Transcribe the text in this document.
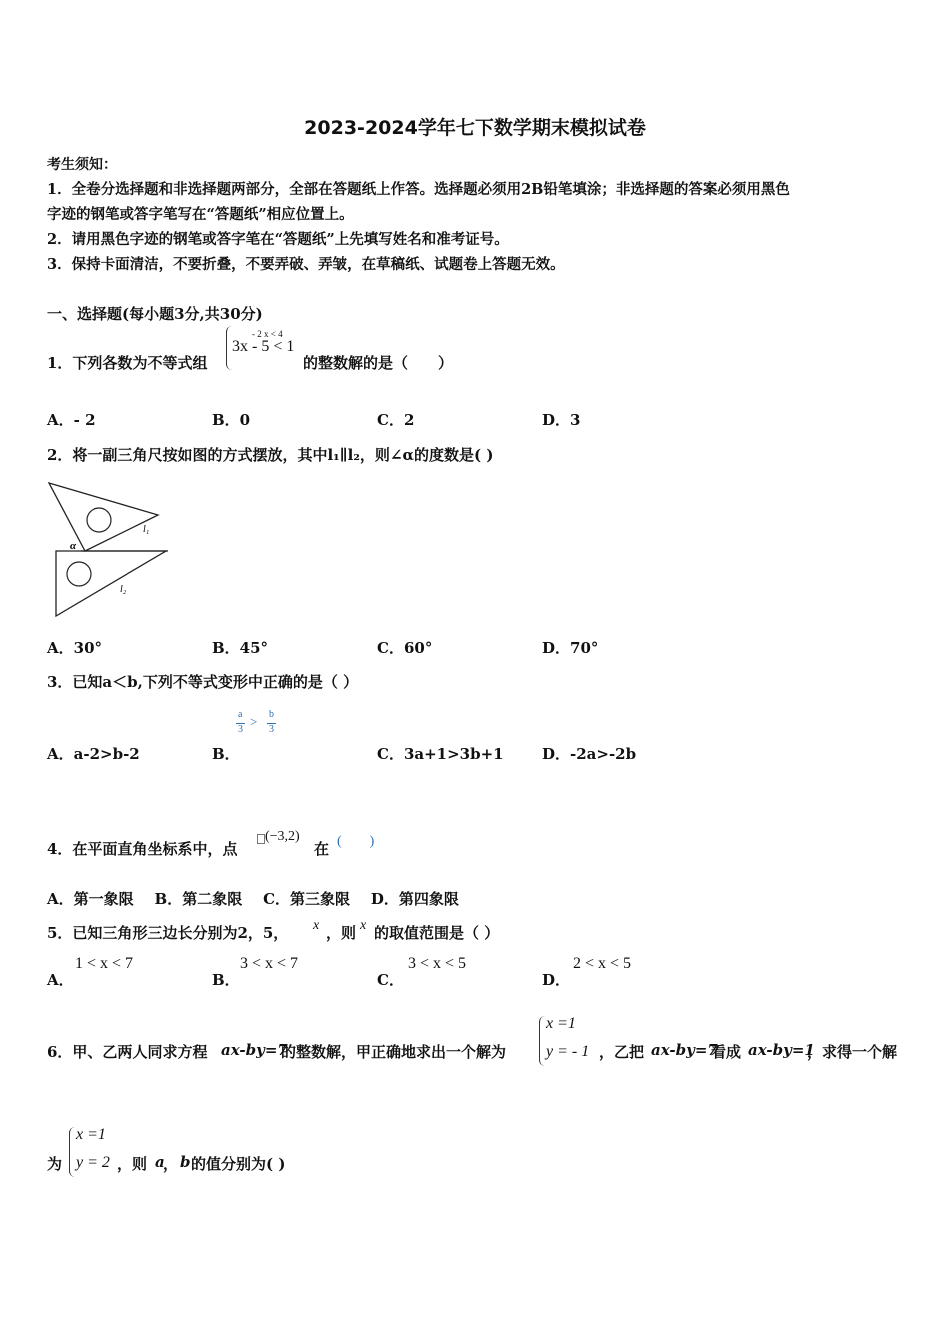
2023-2024学年七下数学期末模拟试卷
考生须知：
1．全卷分选择题和非选择题两部分，全部在答题纸上作答。选择题必须用2B铅笔填涂；非选择题的答案必须用黑色
字迹的钢笔或答字笔写在“答题纸”相应位置上。
2．请用黑色字迹的钢笔或答字笔在“答题纸”上先填写姓名和准考证号。
3．保持卡面清洁，不要折叠，不要弄破、弄皱，在草稿纸、试题卷上答题无效。
一、选择题(每小题3分,共30分)
1．下列各数为不等式组
- 2 x < 4
3x - 5 < 1
的整数解的是（　　）
A．- 2	B．0	C．2	D．3
2．将一副三角尺按如图的方式摆放，其中l₁∥l₂，则∠α的度数是( )
α
l₁
l₂
A．30°	B．45°	C．60°	D．70°
3．已知a＜b,下列不等式变形中正确的是（ ）
A．a-2>b-2	B．
a
3
> b
3
C．3a+1>3b+1	D．-2a>-2b
4．在平面直角坐标系中，点
(−3,2)
在 (　　)
A．第一象限    B．第二象限    C．第三象限    D．第四象限
5．已知三角形三边长分别为2，5， x ，则 x 的取值范围是（ ）
A．
1 < x < 7
B．
3 < x < 7
C．
3 < x < 5
D．
2 < x < 5
6．甲、乙两人同求方程 ax-by=7
的整数解，甲正确地求出一个解为
x =1
y = - 1 ，乙把 ax-by=7
看成 ax-by=1
，求得一个解
为
x =1
y = 2 ，则 a
， b 的值分别为( )
